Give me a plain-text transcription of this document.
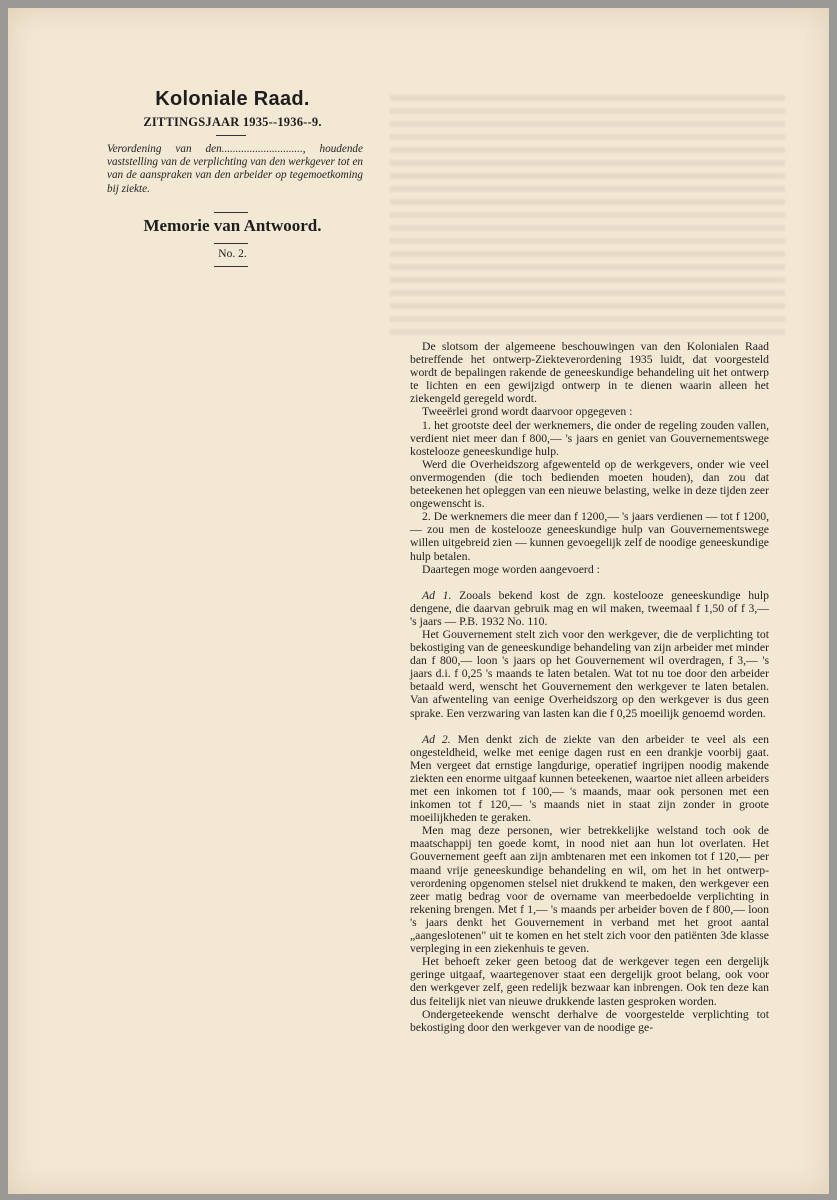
Koloniale Raad.
ZITTINGSJAAR 1935--1936--9.
Verordening van den............................., houdende vaststelling van de verplichting van den werkgever tot en van de aanspraken van den arbeider op tegemoetkoming bij ziekte.
Memorie van Antwoord.
No. 2.

De slotsom der algemeene beschouwingen van den Kolonialen Raad betreffende het ontwerp-Ziekteverordening 1935 luidt, dat voorgesteld wordt de bepalingen rakende de geneeskundige behandeling uit het ontwerp te lichten en een gewijzigd ontwerp in te dienen waarin alleen het ziekengeld geregeld wordt.

Tweeërlei grond wordt daarvoor opgegeven :

1. het grootste deel der werknemers, die onder de regeling zouden vallen, verdient niet meer dan f 800,— 's jaars en geniet van Gouvernementswege kostelooze geneeskundige hulp.

Werd die Overheidszorg afgewenteld op de werkgevers, onder wie veel onvermogenden (die toch bedienden moeten houden), dan zou dat beteekenen het opleggen van een nieuwe belasting, welke in deze tijden zeer ongewenscht is.

2. De werknemers die meer dan f 1200,— 's jaars verdienen — tot f 1200,— zou men de kostelooze geneeskundige hulp van Gouvernementswege willen uitgebreid zien — kunnen gevoegelijk zelf de noodige geneeskundige hulp betalen.

Daartegen moge worden aangevoerd :

Ad 1. Zooals bekend kost de zgn. kostelooze geneeskundige hulp dengene, die daarvan gebruik mag en wil maken, tweemaal f 1,50 of f 3,— 's jaars — P.B. 1932 No. 110.

Het Gouvernement stelt zich voor den werkgever, die de verplichting tot bekostiging van de geneeskundige behandeling van zijn arbeider met minder dan f 800,— loon 's jaars op het Gouvernement wil overdragen, f 3,— 's jaars d.i. f 0,25 's maands te laten betalen. Wat tot nu toe door den arbeider betaald werd, wenscht het Gouvernement den werkgever te laten betalen. Van afwenteling van eenige Overheidszorg op den werkgever is dus geen sprake. Een verzwaring van lasten kan die f 0,25 moeilijk genoemd worden.

Ad 2. Men denkt zich de ziekte van den arbeider te veel als een ongesteldheid, welke met eenige dagen rust en een drankje voorbij gaat. Men vergeet dat ernstige langdurige, operatief ingrijpen noodig makende ziekten een enorme uitgaaf kunnen beteekenen, waartoe niet alleen arbeiders met een inkomen tot f 100,— 's maands, maar ook personen met een inkomen tot f 120,— 's maands niet in staat zijn zonder in groote moeilijkheden te geraken.

Men mag deze personen, wier betrekkelijke welstand toch ook de maatschappij ten goede komt, in nood niet aan hun lot overlaten. Het Gouvernement geeft aan zijn ambtenaren met een inkomen tot f 120,— per maand vrije geneeskundige behandeling en wil, om het in het ontwerp-verordening opgenomen stelsel niet drukkend te maken, den werkgever een zeer matig bedrag voor de overname van meerbedoelde verplichting in rekening brengen. Met f 1,— 's maands per arbeider boven de f 800,— loon 's jaars denkt het Gouvernement in verband met het groot aantal „aangeslotenen" uit te komen en het stelt zich voor den patiënten 3de klasse verpleging in een ziekenhuis te geven.

Het behoeft zeker geen betoog dat de werkgever tegen een dergelijk geringe uitgaaf, waartegenover staat een dergelijk groot belang, ook voor den werkgever zelf, geen redelijk bezwaar kan inbrengen. Ook ten deze kan dus feitelijk niet van nieuwe drukkende lasten gesproken worden.

Ondergeteekende wenscht derhalve de voorgestelde verplichting tot bekostiging door den werkgever van de noodige ge-
